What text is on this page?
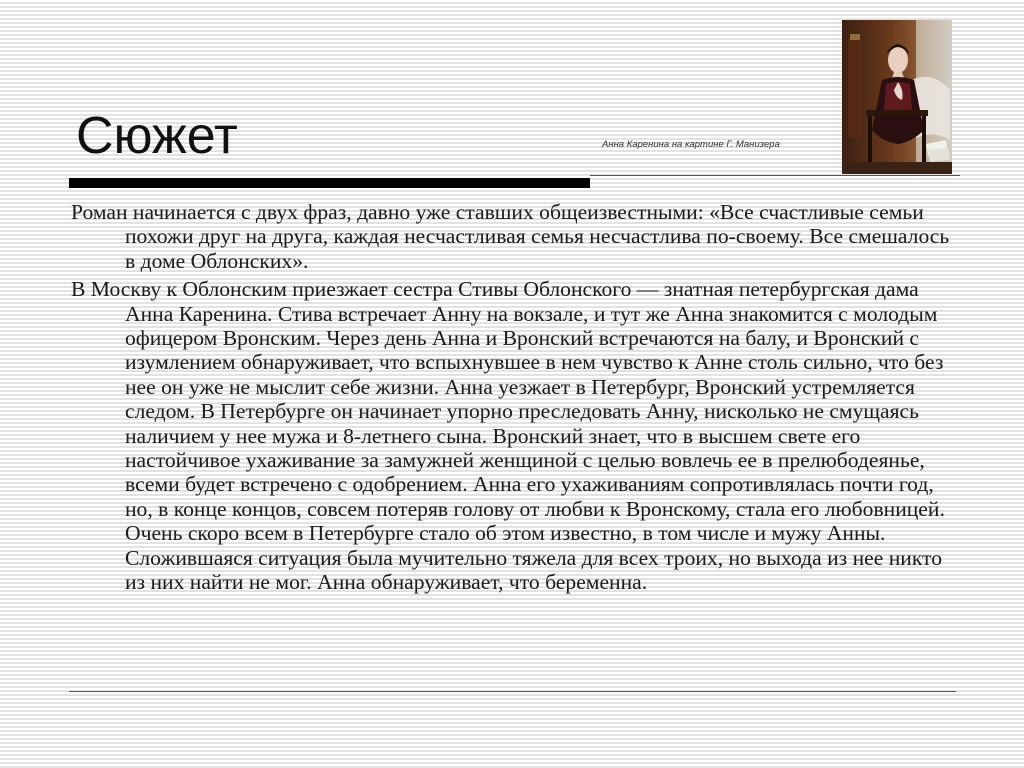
Сюжет	Анна Каренина на картине Г. Манизера

Роман начинается с двух фраз, давно уже ставших общеизвестными: «Все счастливые семьи похожи друг на друга, каждая несчастливая семья несчастлива по-своему. Все смешалось в доме Облонских».

В Москву к Облонским приезжает сестра Стивы Облонского — знатная петербургская дама Анна Каренина. Стива встречает Анну на вокзале, и тут же Анна знакомится с молодым офицером Вронским. Через день Анна и Вронский встречаются на балу, и Вронский с изумлением обнаруживает, что вспыхнувшее в нем чувство к Анне столь сильно, что без нее он уже не мыслит себе жизни. Анна уезжает в Петербург, Вронский устремляется следом. В Петербурге он начинает упорно преследовать Анну, нисколько не смущаясь наличием у нее мужа и 8-летнего сына. Вронский знает, что в высшем свете его настойчивое ухаживание за замужней женщиной с целью вовлечь ее в прелюбодеянье, всеми будет встречено с одобрением. Анна его ухаживаниям сопротивлялась почти год, но, в конце концов, совсем потеряв голову от любви к Вронскому, стала его любовницей. Очень скоро всем в Петербурге стало об этом известно, в том числе и мужу Анны. Сложившаяся ситуация была мучительно тяжела для всех троих, но выхода из нее никто из них найти не мог. Анна обнаруживает, что беременна.
